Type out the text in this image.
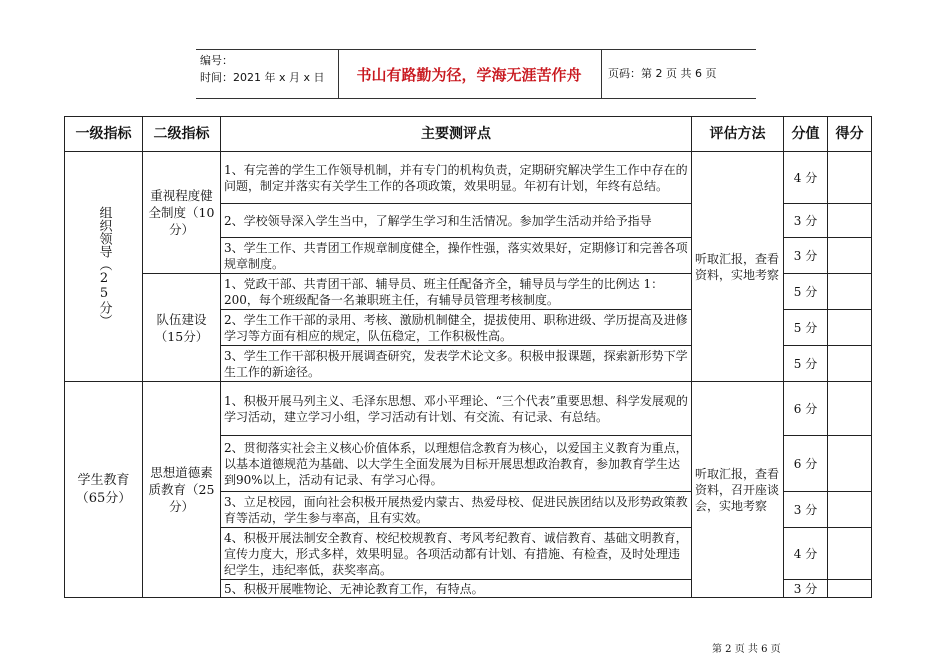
编号：
时间：2021 年 x 月 x 日	书山有路勤为径，学海无涯苦作舟	页码：第 2 页 共 6 页
一级指标	二级指标	主要测评点	评估方法	分值	得分

组织领导（25分）	重视程度健全制度（10分）	1、有完善的学生工作领导机制，并有专门的机构负责，定期研究解决学生工作中存在的问题，制定并落实有关学生工作的各项政策，效果明显。年初有计划，年终有总结。	听取汇报，查看资料，实地考察	4 分	
		2、学校领导深入学生当中，了解学生学习和生活情况。参加学生活动并给予指导		3 分	
		3、学生工作、共青团工作规章制度健全，操作性强，落实效果好，定期修订和完善各项规章制度。		3 分	
	队伍建设（15分）	1、党政干部、共青团干部、辅导员、班主任配备齐全，辅导员与学生的比例达 1：200，每个班级配备一名兼职班主任，有辅导员管理考核制度。		5 分	
		2、学生工作干部的录用、考核、激励机制健全，提拔使用、职称进级、学历提高及进修学习等方面有相应的规定，队伍稳定，工作积极性高。		5 分	
		3、学生工作干部积极开展调查研究，发表学术论文多。积极申报课题，探索新形势下学生工作的新途径。		5 分	
学生教育（65分）	思想道德素质教育（25分）	1、积极开展马列主义、毛泽东思想、邓小平理论、“三个代表”重要思想、科学发展观的学习活动，建立学习小组，学习活动有计划、有交流、有记录、有总结。	听取汇报，查看资料，召开座谈会，实地考察	6 分	
		2、贯彻落实社会主义核心价值体系，以理想信念教育为核心，以爱国主义教育为重点，以基本道德规范为基础、以大学生全面发展为目标开展思想政治教育，参加教育学生达到90%以上，活动有记录、有学习心得。		6 分	
		3、立足校园，面向社会积极开展热爱内蒙古、热爱母校、促进民族团结以及形势政策教育等活动，学生参与率高，且有实效。		3 分	
		4、积极开展法制安全教育、校纪校规教育、考风考纪教育、诚信教育、基础文明教育，宣传力度大，形式多样，效果明显。各项活动都有计划、有措施、有检查，及时处理违纪学生，违纪率低，获奖率高。		4 分	
		5、积极开展唯物论、无神论教育工作，有特点。		3 分	
第 2 页 共 6 页
